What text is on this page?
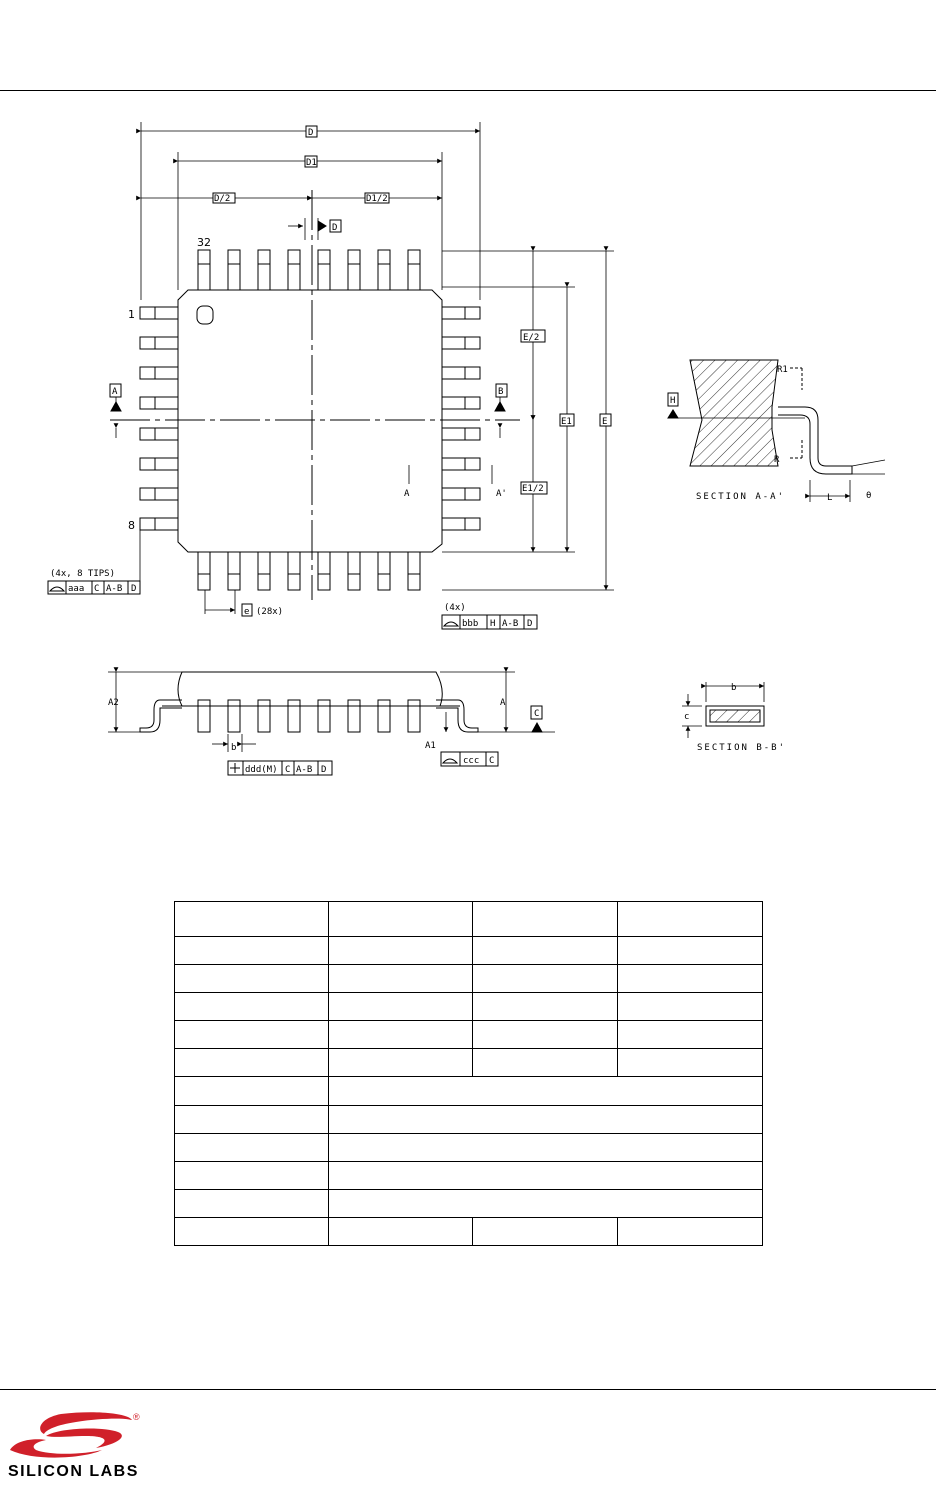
32
1
8
D
D1
D/2	D1/2
D
A	B
E/2
E1	E
E1/2
A	A'
(4x, 8 TIPS)
aaa C A-B D
e (28x)	(4x)
bbb H A-B D
H
R1
R
L	θ
SECTION A-A'
A2	A
A1
C
b
ddd(M) C A-B D
ccc C
b
c
SECTION B-B'

®
SILICON LABS
